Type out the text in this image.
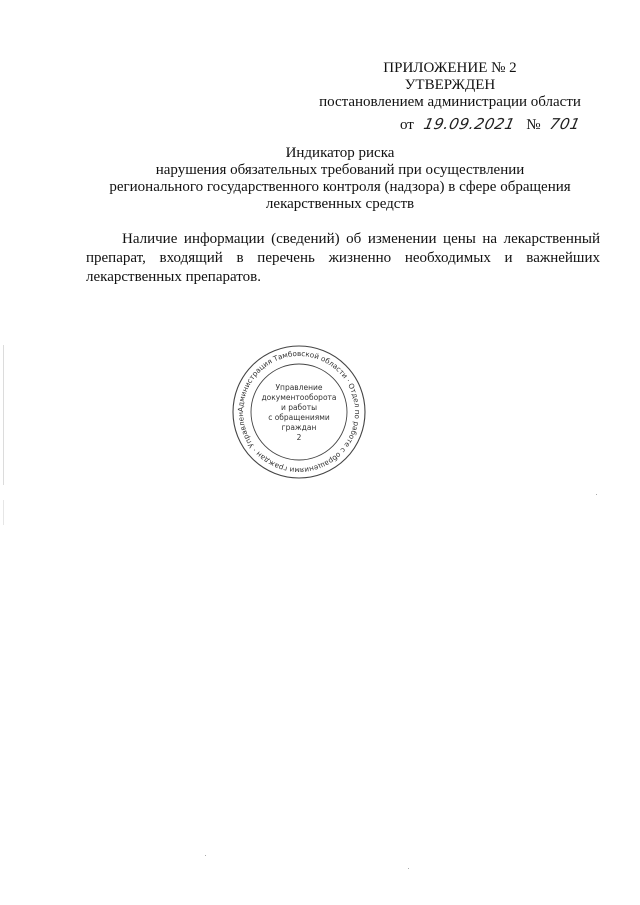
ПРИЛОЖЕНИЕ № 2
УТВЕРЖДЕН
постановлением администрации области
от 19.09.2021 № 701
Индикатор риска
нарушения обязательных требований при осуществлении
регионального государственного контроля (надзора) в сфере обращения
лекарственных средств
Наличие информации (сведений) об изменении цены на лекарственный препарат, входящий в перечень жизненно необходимых и важнейших лекарственных препаратов.
Администрация Тамбовской области · Отдел по работе с обращениями граждан · Управлен
Управление
документооборота
и работы
с обращениями
граждан
2
